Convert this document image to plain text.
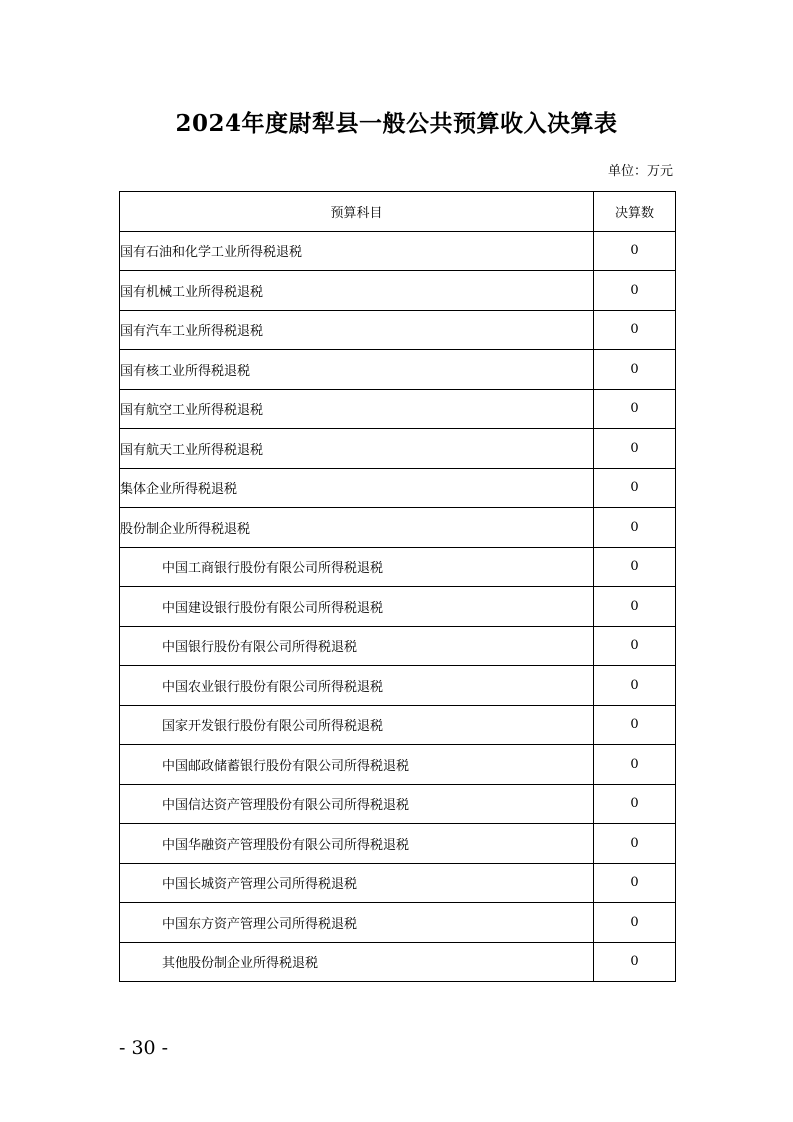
2024年度尉犁县一般公共预算收入决算表
单位：万元
预算科目	决算数
国有石油和化学工业所得税退税	0
国有机械工业所得税退税	0
国有汽车工业所得税退税	0
国有核工业所得税退税	0
国有航空工业所得税退税	0
国有航天工业所得税退税	0
集体企业所得税退税	0
股份制企业所得税退税	0
中国工商银行股份有限公司所得税退税	0
中国建设银行股份有限公司所得税退税	0
中国银行股份有限公司所得税退税	0
中国农业银行股份有限公司所得税退税	0
国家开发银行股份有限公司所得税退税	0
中国邮政储蓄银行股份有限公司所得税退税	0
中国信达资产管理股份有限公司所得税退税	0
中国华融资产管理股份有限公司所得税退税	0
中国长城资产管理公司所得税退税	0
中国东方资产管理公司所得税退税	0
其他股份制企业所得税退税	0
- 30 -
